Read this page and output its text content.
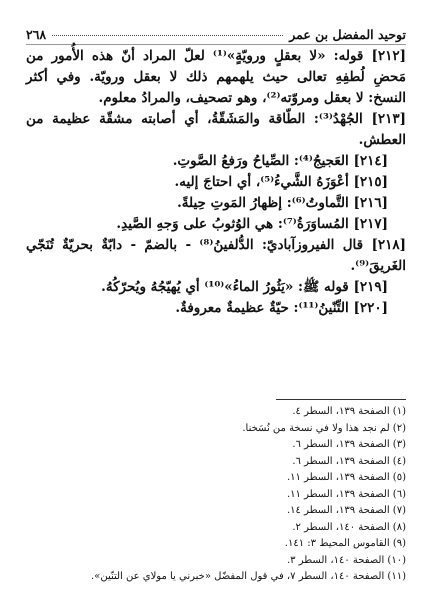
توحيد المفضل بن عمر
٢٦٨

[٢١٢] قوله: «لا بعقلٍ ورويّةٍ»⁽¹⁾ لعلّ المراد أنّ هذه الأُمور من مَحضِ لُطفِهِ تعالى حيث يلهمهم ذلك لا بعقل ورويّة. وفي أكثر النسخ: لا بعقل ومروّته⁽²⁾، وهو تصحيف، والمرادُ معلوم.

[٢١٣] الجُهْدُ⁽³⁾: الطّاقة والمَشَقّةُ، أي أصابته مشقّة عظيمة من العطش.

[٢١٤] العَجيجُ⁽⁴⁾: الصِّياحُ ورَفعُ الصَّوتِ.

[٢١٥] أعْوَزَهُ الشَّيءُ⁽⁵⁾، أي احتاجَ إليه.

[٢١٦] التَّماوتُ⁽⁶⁾: إظهارُ المَوتِ حِيلةً.

[٢١٧] المُساوَرَةُ⁽⁷⁾: هي الوُثوبُ على وَجهِ الصَّيدِ.

[٢١٨] قال الفيروزآباديّ: الدُّلفينُ⁽⁸⁾ - بالضمّ - دابّةٌ بحريّةٌ تُنَجّي الغَريقَ⁽⁹⁾.

[٢١٩] قوله ﷺ: «يَثُورُ الماءُ»⁽¹⁰⁾ أي يُهيّجُهُ ويُحرّكُهُ.

[٢٢٠] التِّنّينُ⁽¹¹⁾: حيّةٌ عظيمةٌ معروفةٌ.

(١) الصفحة ١٣٩، السطر ٤.

(٢) لم نجد هذا ولا في نسخة من نُسَخنا.

(٣) الصفحة ١٣٩، السطر ٦.

(٤) الصفحة ١٣٩، السطر ٦.

(٥) الصفحة ١٣٩، السطر ١١.

(٦) الصفحة ١٣٩، السطر ١١.

(٧) الصفحة ١٣٩، السطر ١٤.

(٨) الصفحة ١٤٠، السطر ٢.

(٩) القاموس المحيط ٣: ١٤١.

(١٠) الصفحة ١٤٠، السطر ٣.

(١١) الصفحة ١٤٠، السطر ٧، في قول المفضّل «خبرني يا مولاي عن التنّين».
